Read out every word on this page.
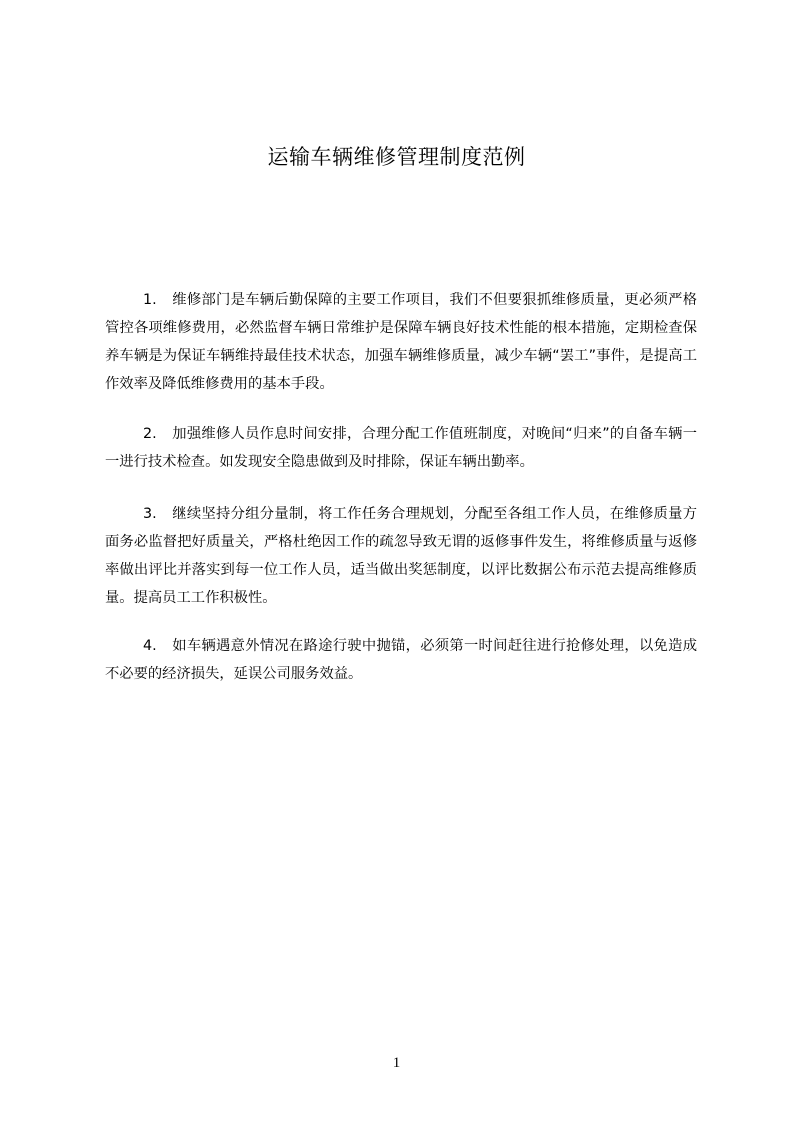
运输车辆维修管理制度范例

1. 维修部门是车辆后勤保障的主要工作项目，我们不但要狠抓维修质量，更必须严格管控各项维修费用，必然监督车辆日常维护是保障车辆良好技术性能的根本措施，定期检查保养车辆是为保证车辆维持最佳技术状态，加强车辆维修质量，减少车辆“罢工”事件，是提高工作效率及降低维修费用的基本手段。

2. 加强维修人员作息时间安排，合理分配工作值班制度，对晚间“归来”的自备车辆一一进行技术检查。如发现安全隐患做到及时排除，保证车辆出勤率。

3. 继续坚持分组分量制，将工作任务合理规划，分配至各组工作人员，在维修质量方面务必监督把好质量关，严格杜绝因工作的疏忽导致无谓的返修事件发生，将维修质量与返修率做出评比并落实到每一位工作人员，适当做出奖惩制度，以评比数据公布示范去提高维修质量。提高员工工作积极性。

4. 如车辆遇意外情况在路途行驶中抛锚，必须第一时间赶往进行抢修处理，以免造成不必要的经济损失，延误公司服务效益。

1
